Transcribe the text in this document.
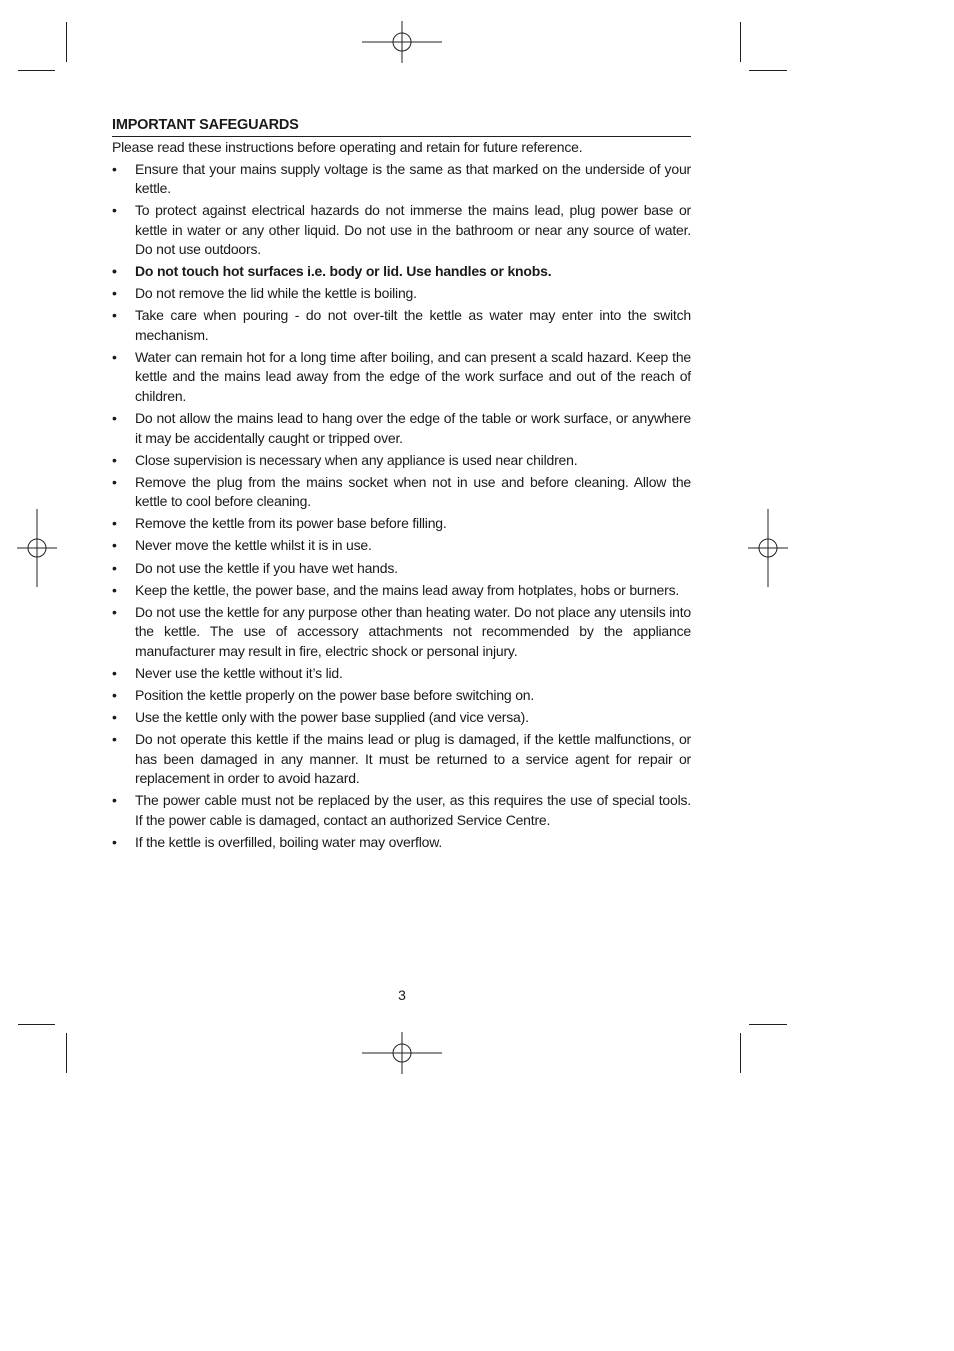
IMPORTANT SAFEGUARDS
Please read these instructions before operating and retain for future reference.
• Ensure that your mains supply voltage is the same as that marked on the underside of your kettle.
• To protect against electrical hazards do not immerse the mains lead, plug power base or kettle in water or any other liquid. Do not use in the bathroom or near any source of water. Do not use outdoors.
• Do not touch hot surfaces i.e. body or lid. Use handles or knobs.
• Do not remove the lid while the kettle is boiling.
• Take care when pouring - do not over-tilt the kettle as water may enter into the switch mechanism.
• Water can remain hot for a long time after boiling, and can present a scald hazard. Keep the kettle and the mains lead away from the edge of the work surface and out of the reach of children.
• Do not allow the mains lead to hang over the edge of the table or work surface, or anywhere it may be accidentally caught or tripped over.
• Close supervision is necessary when any appliance is used near children.
• Remove the plug from the mains socket when not in use and before cleaning. Allow the kettle to cool before cleaning.
• Remove the kettle from its power base before filling.
• Never move the kettle whilst it is in use.
• Do not use the kettle if you have wet hands.
• Keep the kettle, the power base, and the mains lead away from hotplates, hobs or burners.
• Do not use the kettle for any purpose other than heating water. Do not place any utensils into the kettle. The use of accessory attachments not recommended by the appliance manufacturer may result in fire, electric shock or personal injury.
• Never use the kettle without it’s lid.
• Position the kettle properly on the power base before switching on.
• Use the kettle only with the power base supplied (and vice versa).
• Do not operate this kettle if the mains lead or plug is damaged, if the kettle malfunctions, or has been damaged in any manner. It must be returned to a service agent for repair or replacement in order to avoid hazard.
• The power cable must not be replaced by the user, as this requires the use of special tools. If the power cable is damaged, contact an authorized Service Centre.
• If the kettle is overfilled, boiling water may overflow.
3
